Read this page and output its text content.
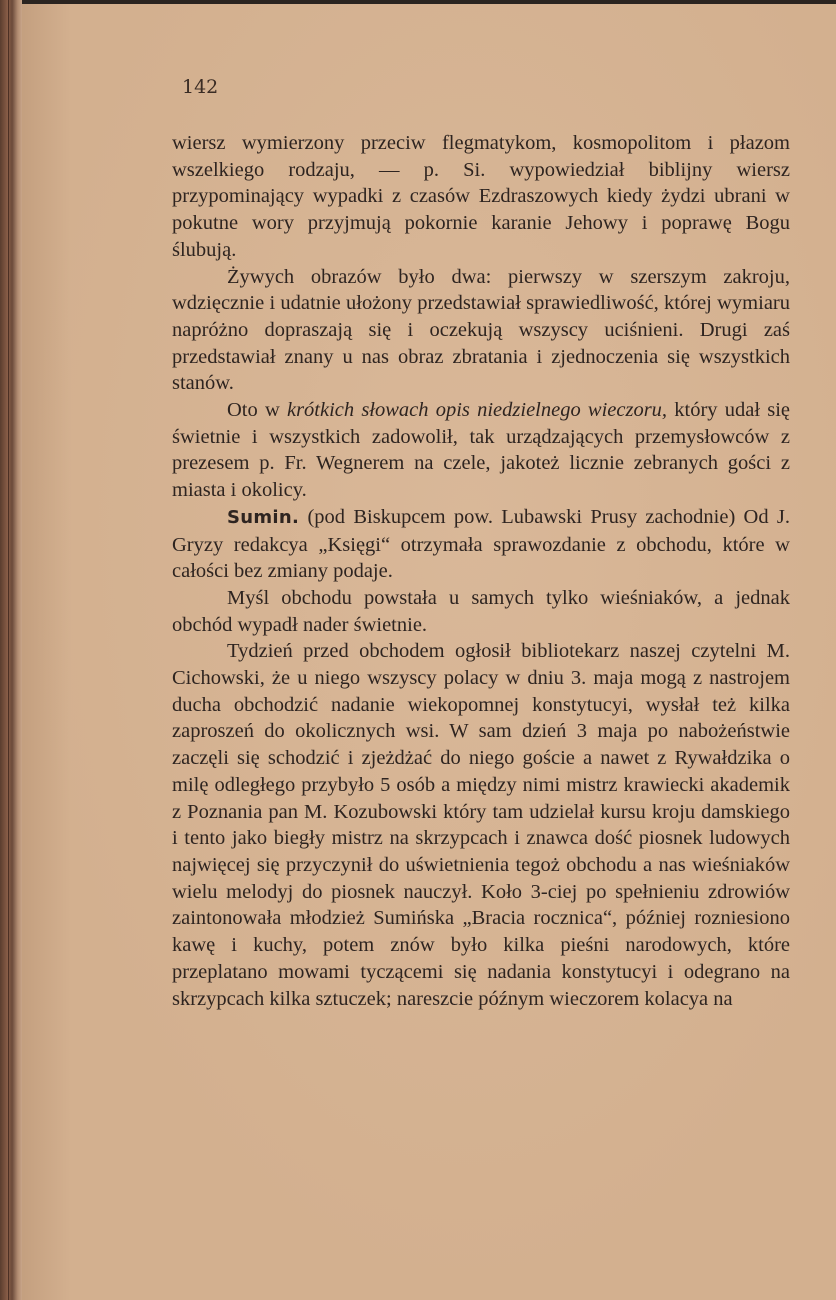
142

wiersz wymierzony przeciw flegmatykom, kosmopolitom i płazom wszelkiego rodzaju, — p. Si. wypowiedział biblijny wiersz przypominający wypadki z czasów Ezdraszowych kiedy żydzi ubrani w pokutne wory przyjmują pokornie karanie Jehowy i poprawę Bogu ślubują.

Żywych obrazów było dwa: pierwszy w szerszym zakroju, wdzięcznie i udatnie ułożony przedstawiał sprawiedliwość, której wymiaru napróżno dopraszają się i oczekują wszyscy uciśnieni. Drugi zaś przedstawiał znany u nas obraz zbratania i zjednoczenia się wszystkich stanów.

Oto w krótkich słowach opis niedzielnego wieczoru, który udał się świetnie i wszystkich zadowolił, tak urządzających przemysłowców z prezesem p. Fr. Wegnerem na czele, jakoteż licznie zebranych gości z miasta i okolicy.

Sumin. (pod Biskupcem pow. Lubawski Prusy zachodnie) Od J. Gryzy redakcya „Księgi“ otrzymała sprawozdanie z obchodu, które w całości bez zmiany podaje.

Myśl obchodu powstała u samych tylko wieśniaków, a jednak obchód wypadł nader świetnie.

Tydzień przed obchodem ogłosił bibliotekarz naszej czytelni M. Cichowski, że u niego wszyscy polacy w dniu 3. maja mogą z nastrojem ducha obchodzić nadanie wiekopomnej konstytucyi, wysłał też kilka zaproszeń do okolicznych wsi. W sam dzień 3 maja po nabożeństwie zaczęli się schodzić i zjeżdżać do niego goście a nawet z Rywałdzika o milę odległego przybyło 5 osób a między nimi mistrz krawiecki akademik z Poznania pan M. Kozubowski który tam udzielał kursu kroju damskiego i tento jako biegły mistrz na skrzypcach i znawca dość piosnek ludowych najwięcej się przyczynił do uświetnienia tegoż obchodu a nas wieśniaków wielu melodyj do piosnek nauczył. Koło 3-ciej po spełnieniu zdrowiów zaintonowała młodzież Sumińska „Bracia rocznica“, później rozniesiono kawę i kuchy, potem znów było kilka pieśni narodowych, które przeplatano mowami tyczącemi się nadania konstytucyi i odegrano na skrzypcach kilka sztuczek; nareszcie późnym wieczorem kolacya na
